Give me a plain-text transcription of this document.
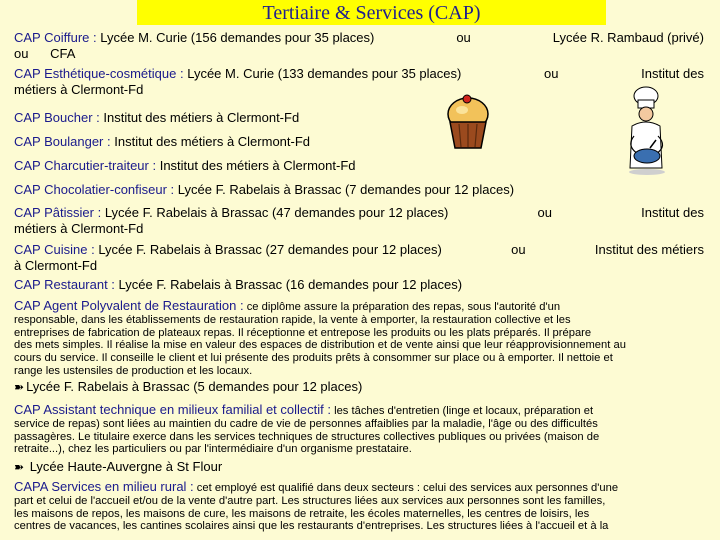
Tertiaire & Services (CAP)
CAP Coiffure : Lycée M. Curie (156 demandes pour 35 places)	ou	Lycée R. Rambaud (privé)
ou      CFA
CAP Esthétique-cosmétique : Lycée M. Curie (133 demandes pour 35 places)	ou	Institut des
métiers à Clermont-Fd
CAP Boucher : Institut des métiers à Clermont-Fd
CAP Boulanger : Institut des métiers à Clermont-Fd
CAP Charcutier-traiteur : Institut des métiers à Clermont-Fd
CAP Chocolatier-confiseur : Lycée F. Rabelais à Brassac (7 demandes pour 12 places)
CAP Pâtissier : Lycée F. Rabelais à Brassac (47 demandes pour 12 places)	ou	Institut des
métiers à Clermont-Fd
CAP Cuisine : Lycée F. Rabelais à Brassac (27 demandes pour 12 places)	ou	Institut des métiers
à Clermont-Fd
CAP Restaurant : Lycée F. Rabelais à Brassac (16 demandes pour 12 places)
CAP Agent Polyvalent de Restauration : ce diplôme assure la préparation des repas, sous l'autorité d'un
responsable, dans les établissements de restauration rapide, la vente à emporter, la restauration collective et les
entreprises de fabrication de plateaux repas. Il réceptionne et entrepose les produits ou les plats préparés. Il prépare
des mets simples. Il réalise la mise en valeur des espaces de distribution et de vente ainsi que leur réapprovisionnement au
cours du service. Il conseille le client et lui présente des produits prêts à consommer sur place ou à emporter. Il nettoie et
range les ustensiles de production et les locaux.
➽ Lycée F. Rabelais à Brassac (5 demandes pour 12 places)
CAP Assistant technique en milieux familial et collectif : les tâches d'entretien (linge et locaux, préparation et
service de repas) sont liées au maintien du cadre de vie de personnes affaiblies par la maladie, l'âge ou des difficultés
passagères. Le titulaire exerce dans les services techniques de structures collectives publiques ou privées (maison de
retraite...), chez les particuliers ou par l'intermédiaire d'un organisme prestataire.
➽ Lycée Haute-Auvergne à St Flour
CAPA Services en milieu rural : cet employé est qualifié dans deux secteurs : celui des services aux personnes d'une
part et celui de l'accueil et/ou de la vente d'autre part. Les structures liées aux services aux personnes sont les familles,
les maisons de repos, les maisons de cure, les maisons de retraite, les écoles maternelles, les centres de loisirs, les
centres de vacances, les cantines scolaires ainsi que les restaurants d'entreprises. Les structures liées à l'accueil et à la
